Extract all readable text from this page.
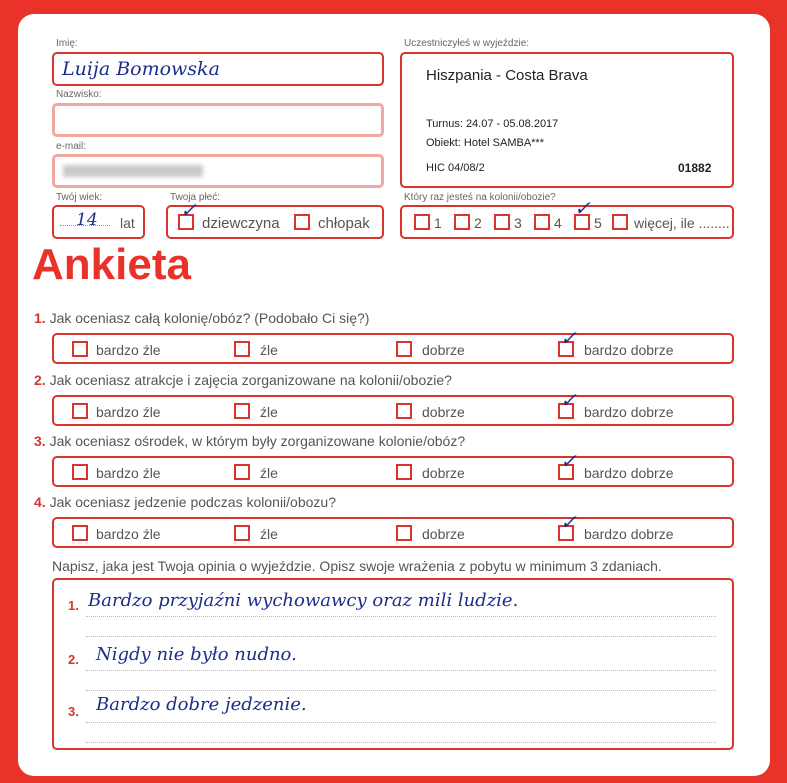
Imię:
Luija Bomowska
Nazwisko:
e-mail:
Twój wiek:
14 lat
Twoja płeć:
✓
dziewczyna	chłopak
Uczestniczyłeś w wyjeździe:
Hiszpania - Costa Brava
Turnus: 24.07 - 05.08.2017
Obiekt: Hotel SAMBA***
HIC 04/08/2	01882
Który raz jesteś na kolonii/obozie?
1 2 3 4
✓
5 więcej, ile ........
Ankieta
1. Jak oceniasz całą kolonię/obóz? (Podobało Ci się?)
bardzo źle	źle	dobrze	✓ bardzo dobrze
2. Jak oceniasz atrakcje i zajęcia zorganizowane na kolonii/obozie?
bardzo źle	źle	dobrze	✓ bardzo dobrze
3. Jak oceniasz ośrodek, w którym były zorganizowane kolonie/obóz?
bardzo źle	źle	dobrze	✓ bardzo dobrze
4. Jak oceniasz jedzenie podczas kolonii/obozu?
bardzo źle	źle	dobrze	✓ bardzo dobrze
Napisz, jaka jest Twoja opinia o wyjeździe. Opisz swoje wrażenia z pobytu w minimum 3 zdaniach.
1. Bardzo przyjaźni wychowawcy oraz mili ludzie.
2. Nigdy nie było nudno.
3. Bardzo dobre jedzenie.
